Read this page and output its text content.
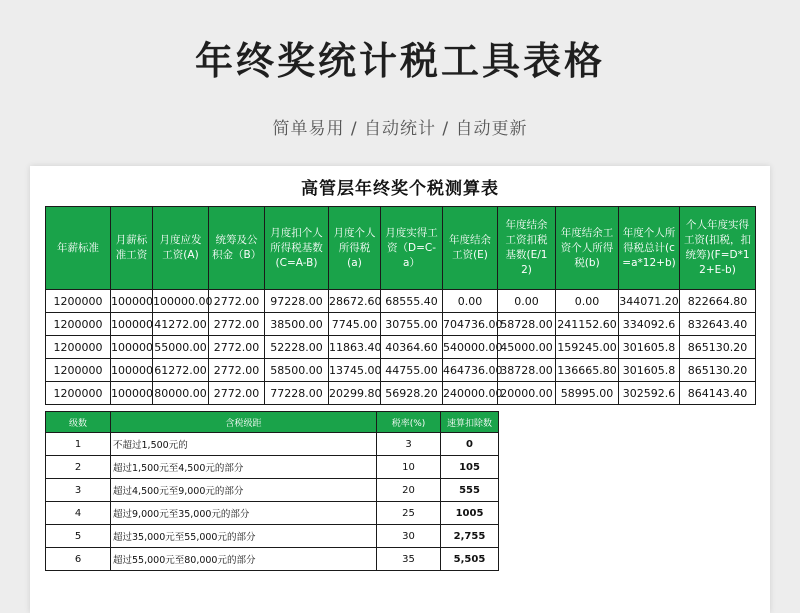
年终奖统计税工具表格
简单易用 / 自动统计 / 自动更新
高管层年终奖个税测算表
年薪标准	月薪标准工资	月度应发工资(A)	统筹及公积金（B）	月度扣个人所得税基数(C=A-B)	月度个人所得税(a)	月度实得工资（D=C-a）	年度结余工资(E)	年度结余工资扣税基数(E/12)	年度结余工资个人所得税(b)	年度个人所得税总计(c=a*12+b)	个人年度实得工资(扣税，扣统筹)(F=D*12+E-b)
1200000	100000	100000.00	2772.00	97228.00	28672.60	68555.40	0.00	0.00	0.00	344071.20	822664.80
1200000	100000	41272.00	2772.00	38500.00	7745.00	30755.00	704736.00	58728.00	241152.60	334092.6	832643.40
1200000	100000	55000.00	2772.00	52228.00	11863.40	40364.60	540000.00	45000.00	159245.00	301605.8	865130.20
1200000	100000	61272.00	2772.00	58500.00	13745.00	44755.00	464736.00	38728.00	136665.80	301605.8	865130.20
1200000	100000	80000.00	2772.00	77228.00	20299.80	56928.20	240000.00	20000.00	58995.00	302592.6	864143.40
级数	含税级距	税率(%)	速算扣除数
1	不超过1,500元的	3	0
2	超过1,500元至4,500元的部分	10	105
3	超过4,500元至9,000元的部分	20	555
4	超过9,000元至35,000元的部分	25	1005
5	超过35,000元至55,000元的部分	30	2,755
6	超过55,000元至80,000元的部分	35	5,505
